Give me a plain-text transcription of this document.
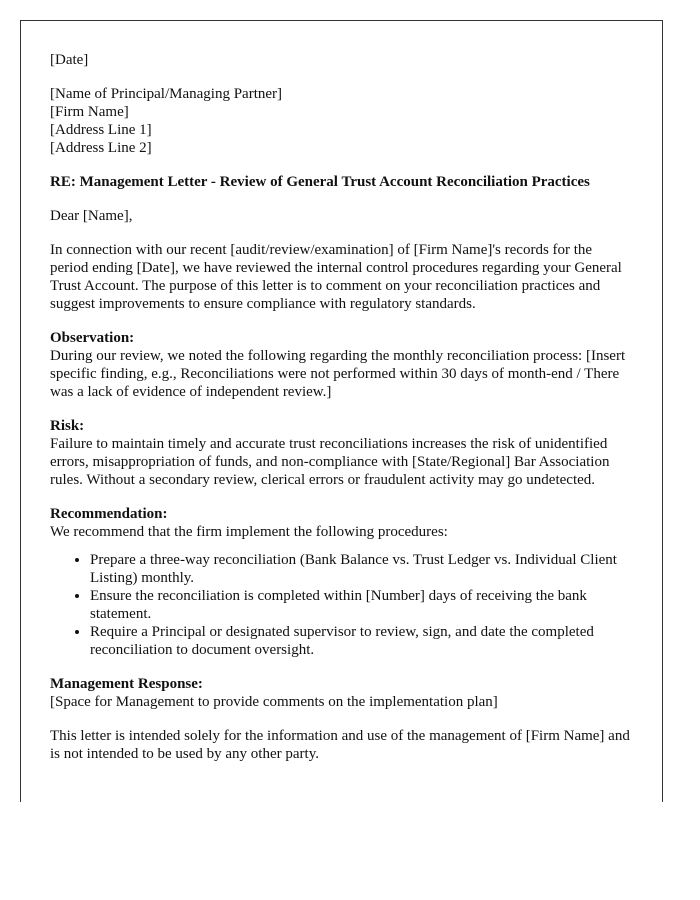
[Date]

[Name of Principal/Managing Partner]
[Firm Name]
[Address Line 1]
[Address Line 2]

RE: Management Letter - Review of General Trust Account Reconciliation Practices

Dear [Name],

In connection with our recent [audit/review/examination] of [Firm Name]'s records for the period ending [Date], we have reviewed the internal control procedures regarding your General Trust Account. The purpose of this letter is to comment on your reconciliation practices and suggest improvements to ensure compliance with regulatory standards.

Observation:
During our review, we noted the following regarding the monthly reconciliation process: [Insert specific finding, e.g., Reconciliations were not performed within 30 days of month-end / There was a lack of evidence of independent review.]

Risk:
Failure to maintain timely and accurate trust reconciliations increases the risk of unidentified errors, misappropriation of funds, and non-compliance with [State/Regional] Bar Association rules. Without a secondary review, clerical errors or fraudulent activity may go undetected.

Recommendation:
We recommend that the firm implement the following procedures:

• Prepare a three-way reconciliation (Bank Balance vs. Trust Ledger vs. Individual Client Listing) monthly.
• Ensure the reconciliation is completed within [Number] days of receiving the bank statement.
• Require a Principal or designated supervisor to review, sign, and date the completed reconciliation to document oversight.

Management Response:
[Space for Management to provide comments on the implementation plan]

This letter is intended solely for the information and use of the management of [Firm Name] and is not intended to be used by any other party.
